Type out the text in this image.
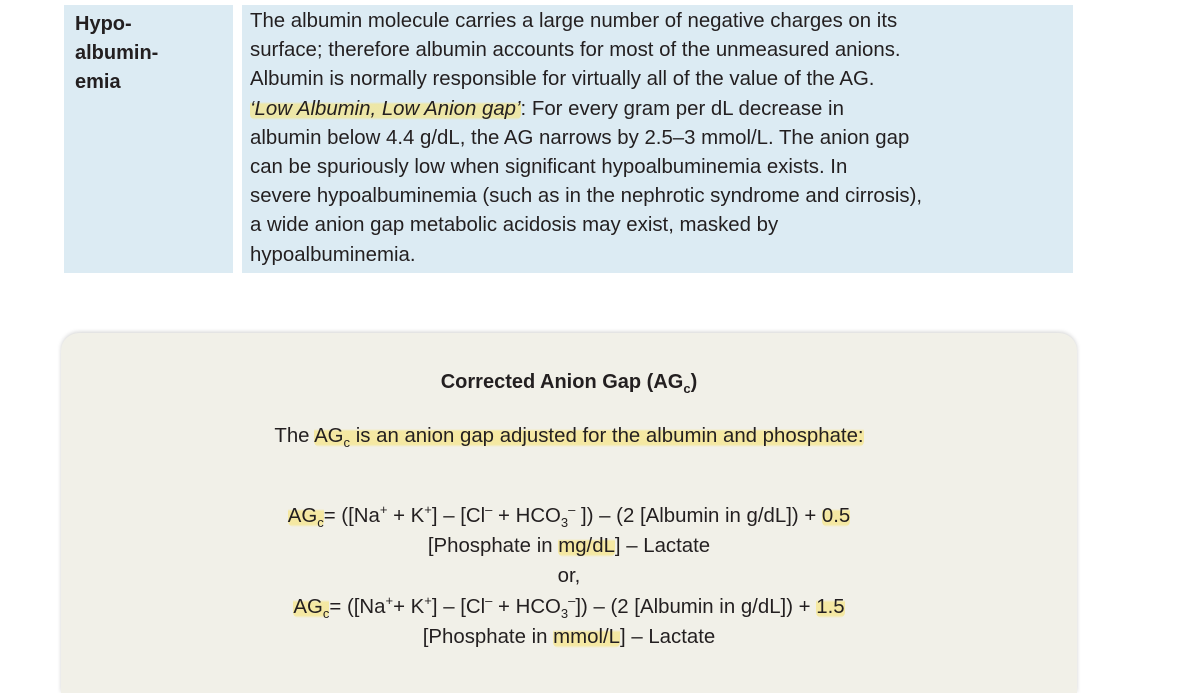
Hypo-
albumin-
emia
The albumin molecule carries a large number of negative charges on its
surface; therefore albumin accounts for most of the unmeasured anions.
Albumin is normally responsible for virtually all of the value of the AG.
‘Low Albumin, Low Anion gap’: For every gram per dL decrease in
albumin below 4.4 g/dL, the AG narrows by 2.5–3 mmol/L. The anion gap
can be spuriously low when significant hypoalbuminemia exists. In
severe hypoalbuminemia (such as in the nephrotic syndrome and cirrosis),
a wide anion gap metabolic acidosis may exist, masked by
hypoalbuminemia.
Corrected Anion Gap $(AG_c)$
The $AG_c$ is an anion gap adjusted for the albumin and phosphate:
$AG_c= ([Na^+ + K^+] - [Cl^- + HCO_3^-$ ]) – (2 [Albumin in g/dL]) + 0.5
[Phosphate in mg/dL] – Lactate
or,
$AG_c= ([Na^++ K^+] - [Cl^- + HCO_3^-]) - (2$ [Albumin in g/dL]) + 1.5
[Phosphate in mmol/L] – Lactate
